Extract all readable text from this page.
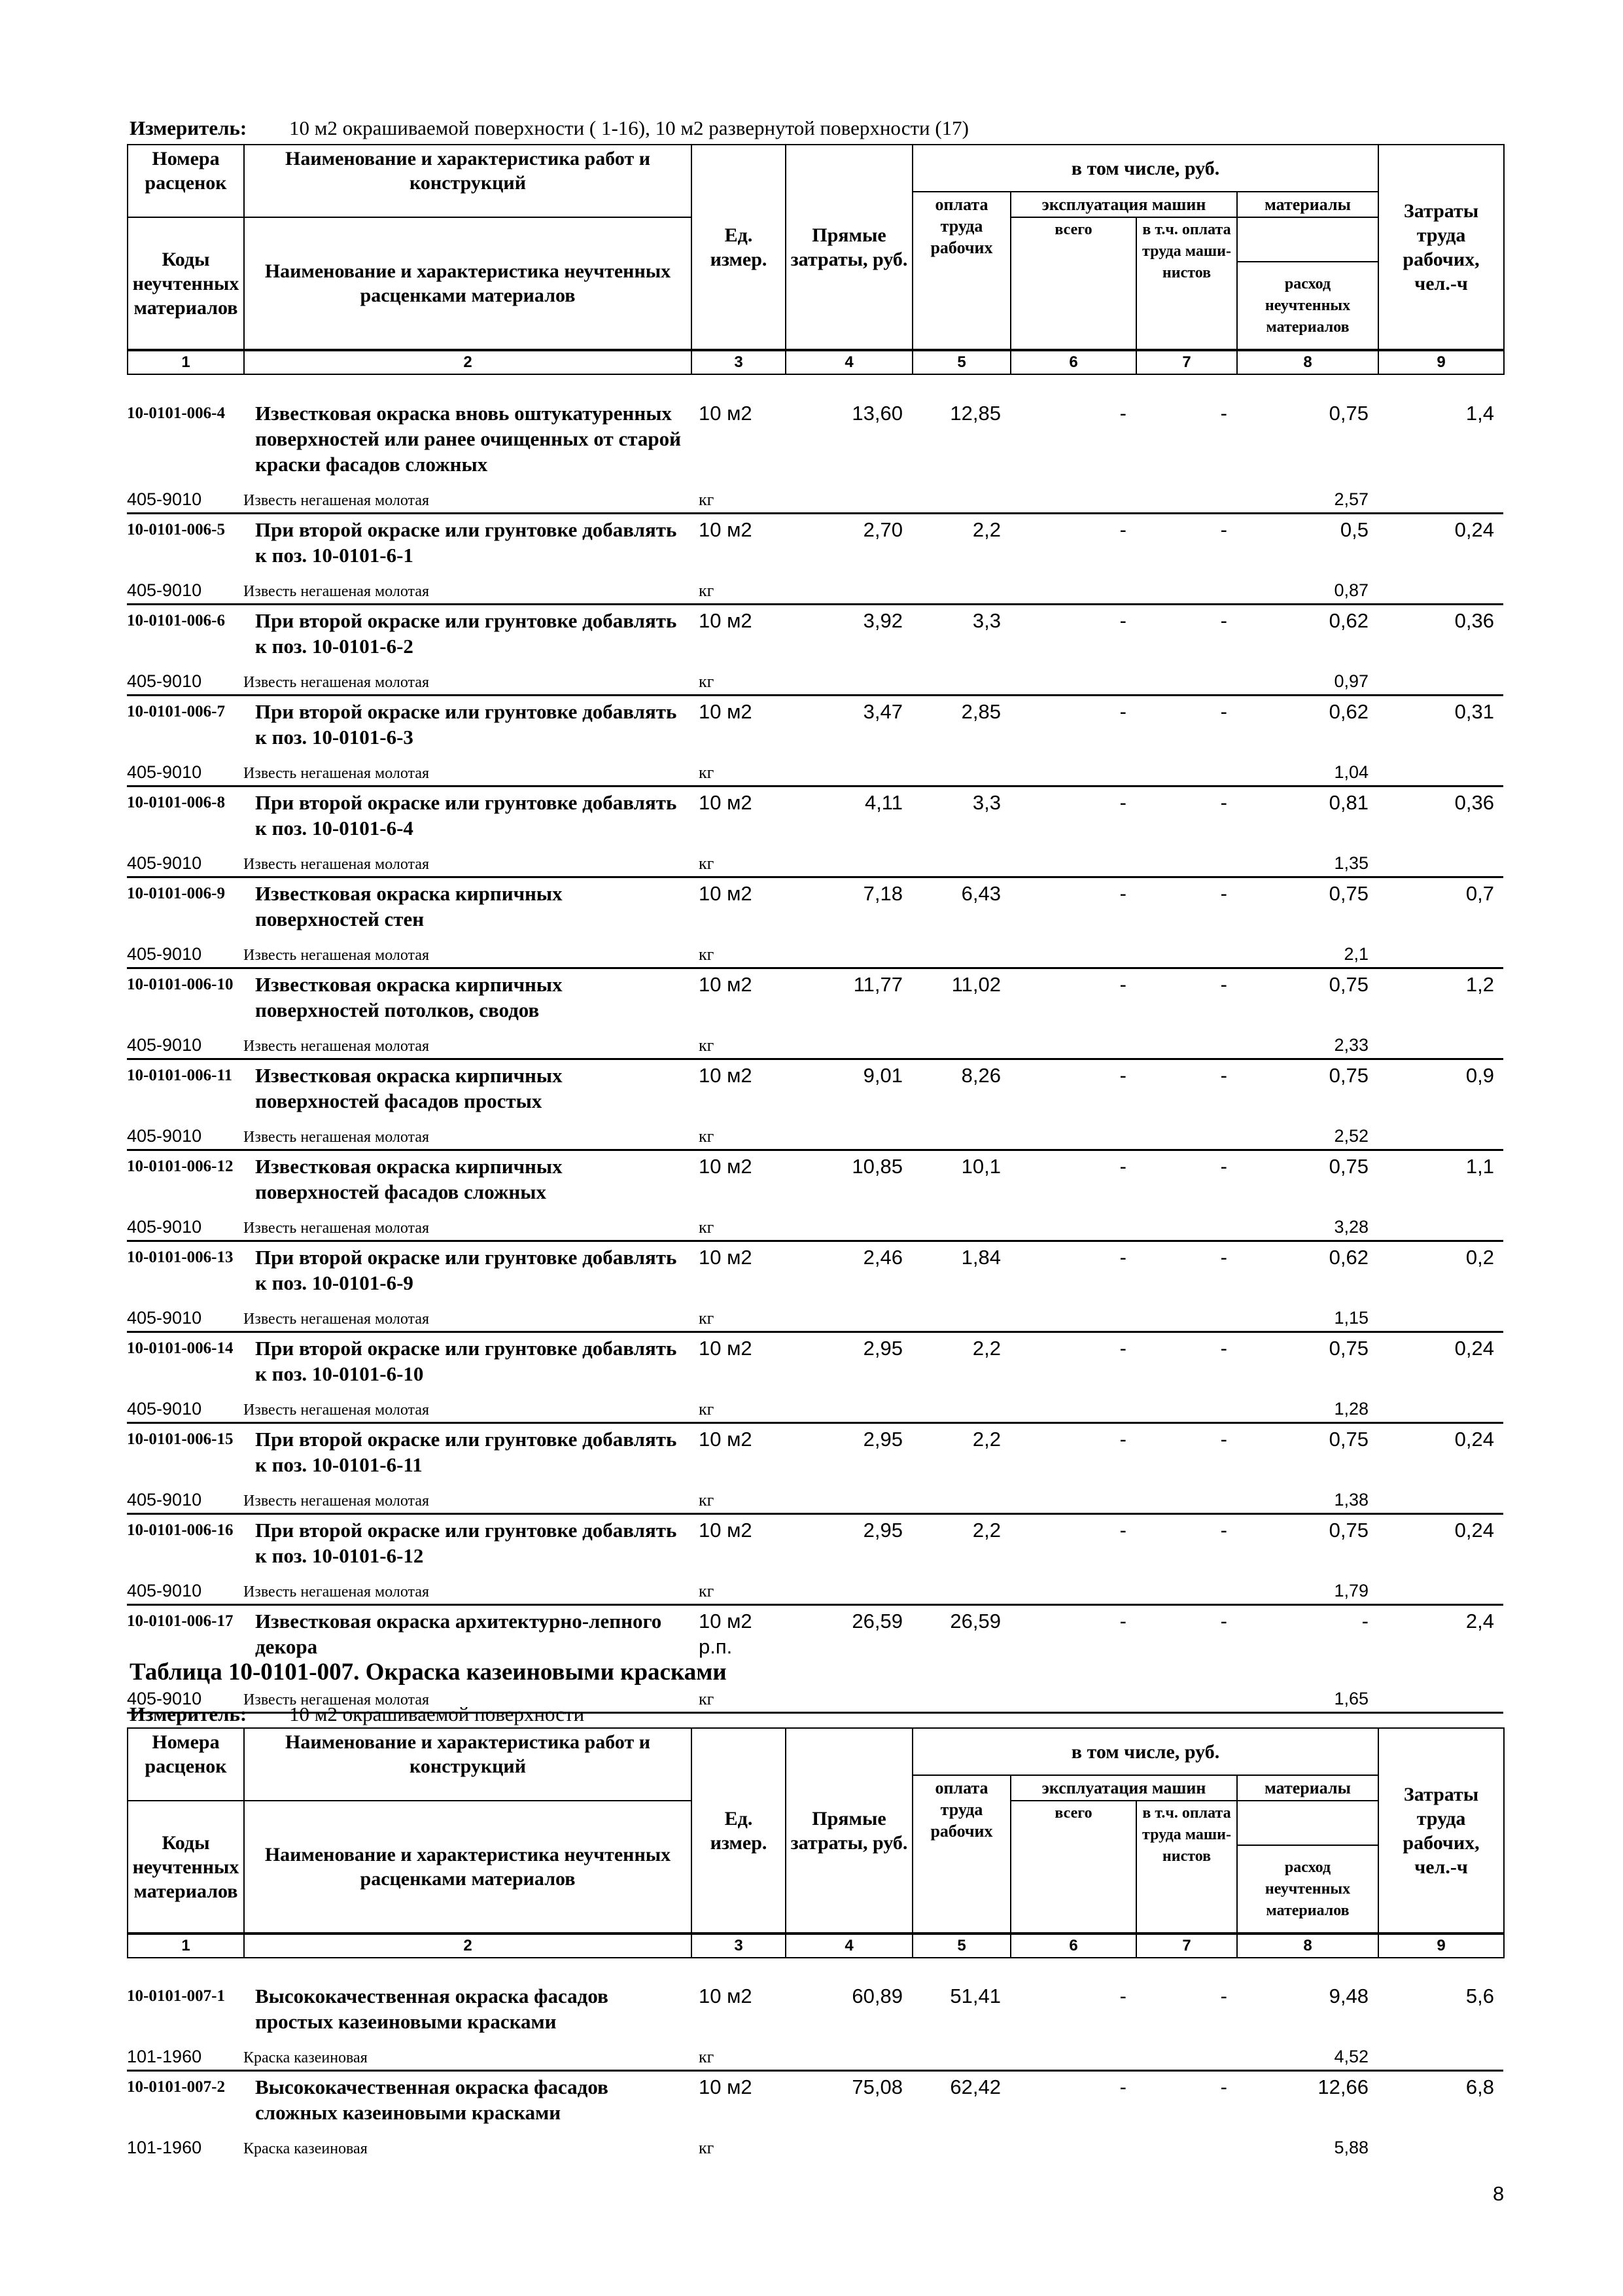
Измеритель: 10 м2 окрашиваемой поверхности ( 1-16), 10 м2 развернутой поверхности (17)
Номера расценок	Наименование и характеристика работ и конструкций	Ед. измер.	Прямые затраты, руб.	в том числе, руб.				Затраты труда рабочих, чел.-ч
				оплата труда рабочих	эксплуатация машин		материалы	
Коды неучтенных материалов	Наименование и характеристика неучтенных расценками материалов				всего	в т.ч. оплата труда маши-нистов		
							расход неучтенных материалов	
1	2	3	4	5	6	7	8	9
10-0101-006-4	Известковая окраска вновь оштукатуренных поверхностей или ранее очищенных от старой краски фасадов сложных	10 м2	13,60	12,85	-	-	0,75	1,4
405-9010	Известь негашеная молотая	кг					2,57	
10-0101-006-5	При второй окраске или грунтовке добавлять к поз. 10-0101-6-1	10 м2	2,70	2,2	-	-	0,5	0,24
405-9010	Известь негашеная молотая	кг					0,87	
10-0101-006-6	При второй окраске или грунтовке добавлять к поз. 10-0101-6-2	10 м2	3,92	3,3	-	-	0,62	0,36
405-9010	Известь негашеная молотая	кг					0,97	
10-0101-006-7	При второй окраске или грунтовке добавлять к поз. 10-0101-6-3	10 м2	3,47	2,85	-	-	0,62	0,31
405-9010	Известь негашеная молотая	кг					1,04	
10-0101-006-8	При второй окраске или грунтовке добавлять к поз. 10-0101-6-4	10 м2	4,11	3,3	-	-	0,81	0,36
405-9010	Известь негашеная молотая	кг					1,35	
10-0101-006-9	Известковая окраска кирпичных поверхностей стен	10 м2	7,18	6,43	-	-	0,75	0,7
405-9010	Известь негашеная молотая	кг					2,1	
10-0101-006-10	Известковая окраска кирпичных поверхностей потолков, сводов	10 м2	11,77	11,02	-	-	0,75	1,2
405-9010	Известь негашеная молотая	кг					2,33	
10-0101-006-11	Известковая окраска кирпичных поверхностей фасадов простых	10 м2	9,01	8,26	-	-	0,75	0,9
405-9010	Известь негашеная молотая	кг					2,52	
10-0101-006-12	Известковая окраска кирпичных поверхностей фасадов сложных	10 м2	10,85	10,1	-	-	0,75	1,1
405-9010	Известь негашеная молотая	кг					3,28	
10-0101-006-13	При второй окраске или грунтовке добавлять к поз. 10-0101-6-9	10 м2	2,46	1,84	-	-	0,62	0,2
405-9010	Известь негашеная молотая	кг					1,15	
10-0101-006-14	При второй окраске или грунтовке добавлять к поз. 10-0101-6-10	10 м2	2,95	2,2	-	-	0,75	0,24
405-9010	Известь негашеная молотая	кг					1,28	
10-0101-006-15	При второй окраске или грунтовке добавлять к поз. 10-0101-6-11	10 м2	2,95	2,2	-	-	0,75	0,24
405-9010	Известь негашеная молотая	кг					1,38	
10-0101-006-16	При второй окраске или грунтовке добавлять к поз. 10-0101-6-12	10 м2	2,95	2,2	-	-	0,75	0,24
405-9010	Известь негашеная молотая	кг					1,79	
10-0101-006-17	Известковая окраска архитектурно-лепного декора	10 м2 р.п.	26,59	26,59	-	-	-	2,4

405-9010	Известь негашеная молотая	кг					1,65	
Таблица 10-0101-007. Окраска казеиновыми красками
Измеритель: 10 м2 окрашиваемой поверхности
Номера расценок	Наименование и характеристика работ и конструкций	Ед. измер.	Прямые затраты, руб.	в том числе, руб.				Затраты труда рабочих, чел.-ч
				оплата труда рабочих	эксплуатация машин		материалы	
Коды неучтенных материалов	Наименование и характеристика неучтенных расценками материалов				всего	в т.ч. оплата труда маши-нистов		
							расход неучтенных материалов	
1	2	3	4	5	6	7	8	9
10-0101-007-1	Высококачественная окраска фасадов простых казеиновыми красками	10 м2	60,89	51,41	-	-	9,48	5,6
101-1960	Краска казеиновая	кг					4,52	
10-0101-007-2	Высококачественная окраска фасадов сложных казеиновыми красками	10 м2	75,08	62,42	-	-	12,66	6,8
101-1960	Краска казеиновая	кг					5,88	
8
